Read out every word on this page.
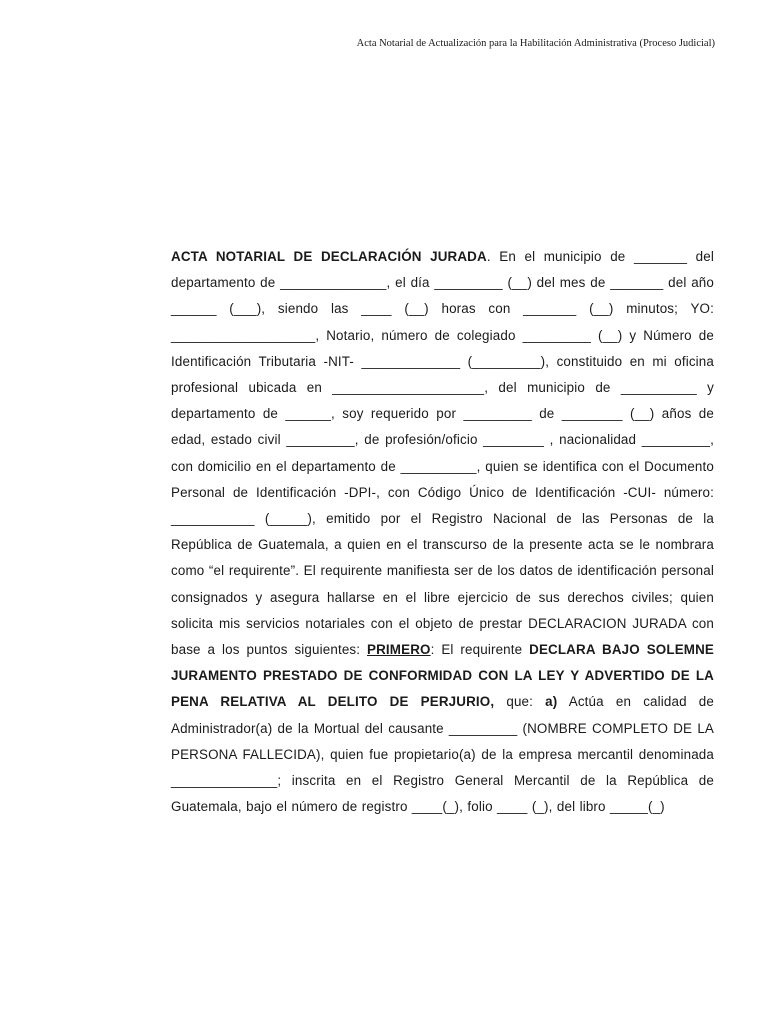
Acta Notarial de Actualización para la Habilitación Administrativa (Proceso Judicial)
ACTA NOTARIAL DE DECLARACIÓN JURADA. En el municipio de _______ del departamento de ______________, el día _________ (__) del mes de _______ del año ______ (___), siendo las ____ (__) horas con _______ (__) minutos; YO: ___________________, Notario, número de colegiado _________ (__) y Número de Identificación Tributaria -NIT- _____________ (_________), constituido en mi oficina profesional ubicada en ____________________, del municipio de __________ y departamento de ______, soy requerido por _________ de ________ (__) años de edad, estado civil _________, de profesión/oficio ________ , nacionalidad _________, con domicilio en el departamento de __________, quien se identifica con el Documento Personal de Identificación -DPI-, con Código Único de Identificación -CUI- número: ___________ (_____), emitido por el Registro Nacional de las Personas de la República de Guatemala, a quien en el transcurso de la presente acta se le nombrara como “el requirente”. El requirente manifiesta ser de los datos de identificación personal consignados y asegura hallarse en el libre ejercicio de sus derechos civiles; quien solicita mis servicios notariales con el objeto de prestar DECLARACION JURADA con base a los puntos siguientes: PRIMERO: El requirente DECLARA BAJO SOLEMNE JURAMENTO PRESTADO DE CONFORMIDAD CON LA LEY Y ADVERTIDO DE LA PENA RELATIVA AL DELITO DE PERJURIO, que: a) Actúa en calidad de Administrador(a) de la Mortual del causante _________ (NOMBRE COMPLETO DE LA PERSONA FALLECIDA), quien fue propietario(a) de la empresa mercantil denominada ______________; inscrita en el Registro General Mercantil de la República de Guatemala, bajo el número de registro ____(_), folio ____ (_), del libro _____(_)
